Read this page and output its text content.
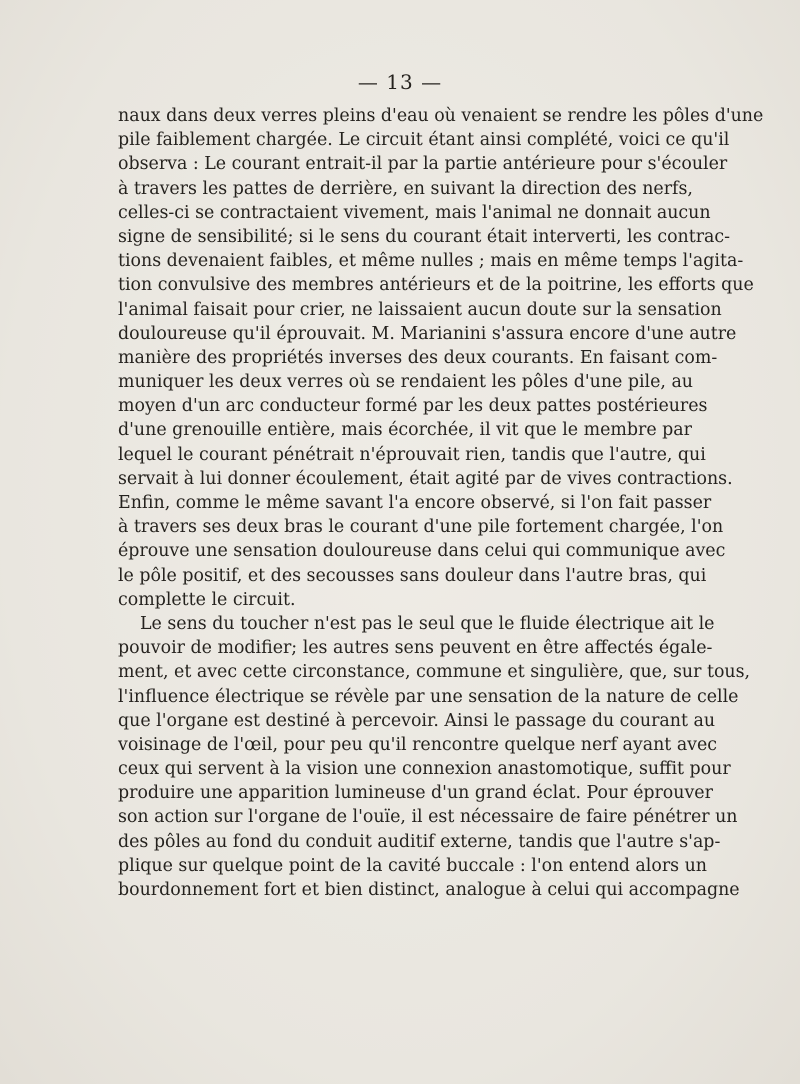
— 13 —
naux dans deux verres pleins d'eau où venaient se rendre les pôles d'une
pile faiblement chargée. Le circuit étant ainsi complété, voici ce qu'il
observa : Le courant entrait-il par la partie antérieure pour s'écouler
à travers les pattes de derrière, en suivant la direction des nerfs,
celles-ci se contractaient vivement, mais l'animal ne donnait aucun
signe de sensibilité; si le sens du courant était interverti, les contrac-
tions devenaient faibles, et même nulles ; mais en même temps l'agita-
tion convulsive des membres antérieurs et de la poitrine, les efforts que
l'animal faisait pour crier, ne laissaient aucun doute sur la sensation
douloureuse qu'il éprouvait. M. Marianini s'assura encore d'une autre
manière des propriétés inverses des deux courants. En faisant com-
muniquer les deux verres où se rendaient les pôles d'une pile, au
moyen d'un arc conducteur formé par les deux pattes postérieures
d'une grenouille entière, mais écorchée, il vit que le membre par
lequel le courant pénétrait n'éprouvait rien, tandis que l'autre, qui
servait à lui donner écoulement, était agité par de vives contractions.
Enfin, comme le même savant l'a encore observé, si l'on fait passer
à travers ses deux bras le courant d'une pile fortement chargée, l'on
éprouve une sensation douloureuse dans celui qui communique avec
le pôle positif, et des secousses sans douleur dans l'autre bras, qui
complette le circuit.
Le sens du toucher n'est pas le seul que le fluide électrique ait le
pouvoir de modifier; les autres sens peuvent en être affectés égale-
ment, et avec cette circonstance, commune et singulière, que, sur tous,
l'influence électrique se révèle par une sensation de la nature de celle
que l'organe est destiné à percevoir. Ainsi le passage du courant au
voisinage de l'œil, pour peu qu'il rencontre quelque nerf ayant avec
ceux qui servent à la vision une connexion anastomotique, suffit pour
produire une apparition lumineuse d'un grand éclat. Pour éprouver
son action sur l'organe de l'ouïe, il est nécessaire de faire pénétrer un
des pôles au fond du conduit auditif externe, tandis que l'autre s'ap-
plique sur quelque point de la cavité buccale : l'on entend alors un
bourdonnement fort et bien distinct, analogue à celui qui accompagne
